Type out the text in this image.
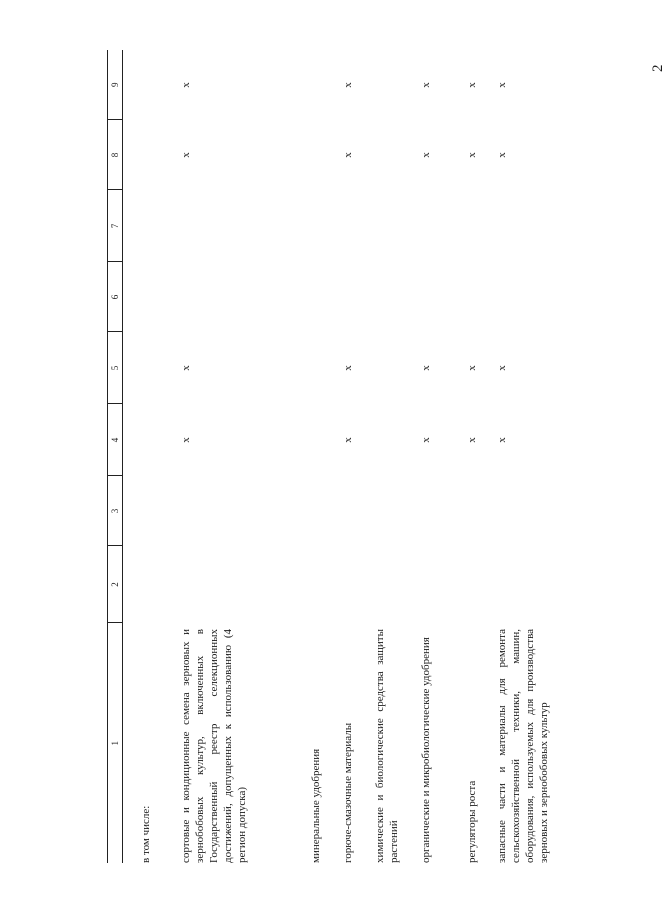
2
1	2	3	4	5	6	7	8	9
в том числе:								
сортовые и кондиционные семена зерновых и зернобобовых культур, включенных в Государственный реестр селекционных достижений, допущенных к использованию (4 регион допуска)			х	х			х	х
минеральные удобрения								
горюче-смазочные материалы			х	х			х	х
химические и биологические средства защиты растений								
органические и микробиологические удобрения			х	х			х	х
регуляторы роста			х	х			х	х
запасные части и материалы для ремонта сельскохозяйственной техники, машин, оборудования, используемых для производства зерновых и зернобобовых культур			х	х			х	х
